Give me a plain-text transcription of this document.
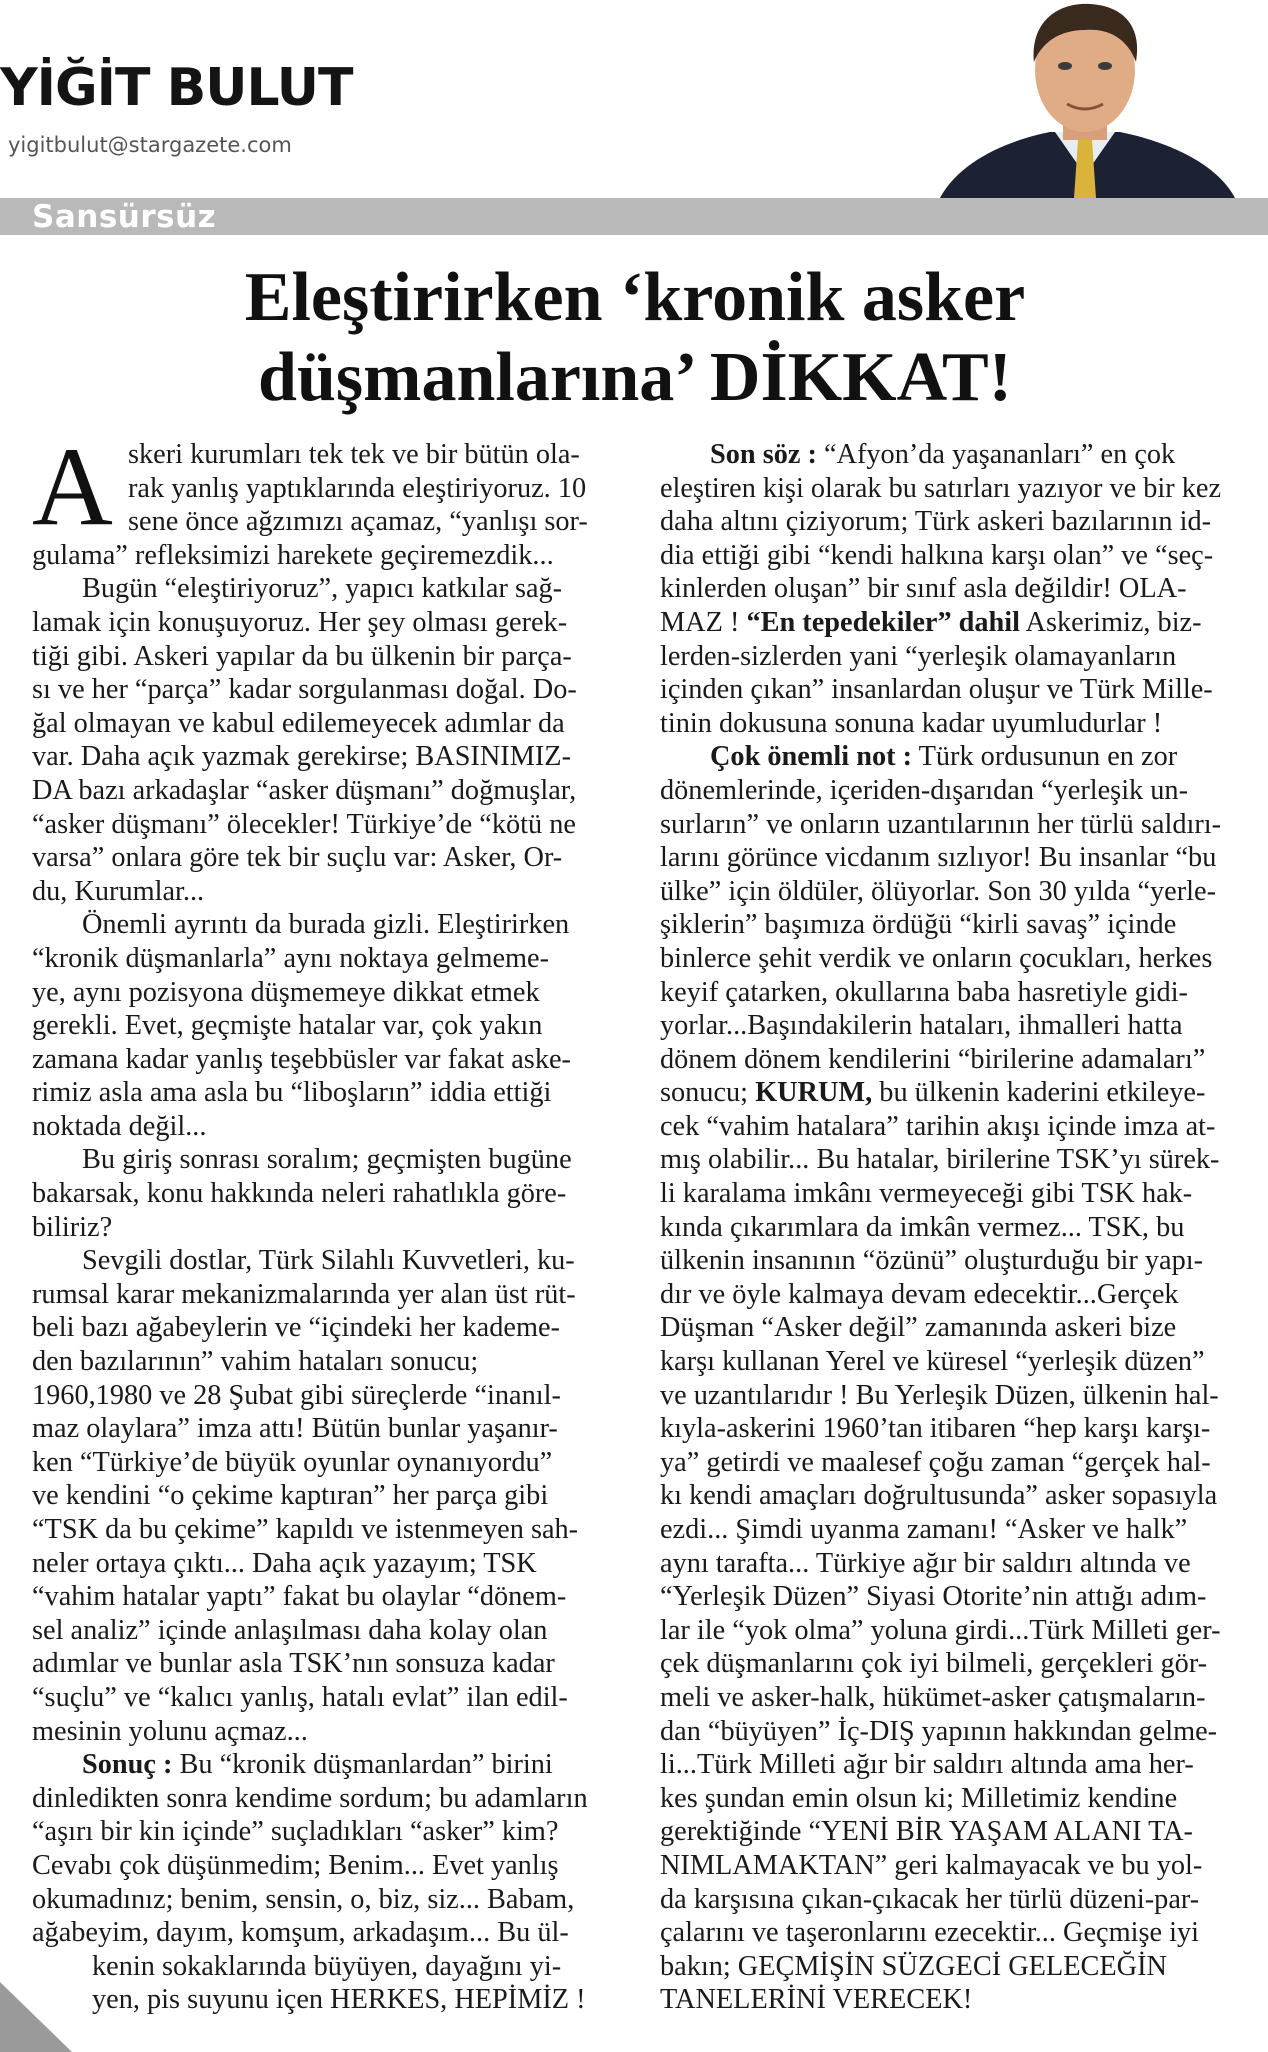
YİĞİT BULUT
yigitbulut@stargazete.com
Sansürsüz
Eleştirirken ‘kronik asker
düşmanlarına’ DİKKAT!
A skeri kurumları tek tek ve bir bütün ola-
rak yanlış yaptıklarında eleştiriyoruz. 10
sene önce ağzımızı açamaz, “yanlışı sor-
gulama” refleksimizi harekete geçiremezdik...
Bugün “eleştiriyoruz”, yapıcı katkılar sağ-
lamak için konuşuyoruz. Her şey olması gerek-
tiği gibi. Askeri yapılar da bu ülkenin bir parça-
sı ve her “parça” kadar sorgulanması doğal. Do-
ğal olmayan ve kabul edilemeyecek adımlar da
var. Daha açık yazmak gerekirse; BASINIMIZ-
DA bazı arkadaşlar “asker düşmanı” doğmuşlar,
“asker düşmanı” ölecekler! Türkiye’de “kötü ne
varsa” onlara göre tek bir suçlu var: Asker, Or-
du, Kurumlar...
Önemli ayrıntı da burada gizli. Eleştirirken
“kronik düşmanlarla” aynı noktaya gelmeme-
ye, aynı pozisyona düşmemeye dikkat etmek
gerekli. Evet, geçmişte hatalar var, çok yakın
zamana kadar yanlış teşebbüsler var fakat aske-
rimiz asla ama asla bu “liboşların” iddia ettiği
noktada değil...
Bu giriş sonrası soralım; geçmişten bugüne
bakarsak, konu hakkında neleri rahatlıkla göre-
biliriz?
Sevgili dostlar, Türk Silahlı Kuvvetleri, ku-
rumsal karar mekanizmalarında yer alan üst rüt-
beli bazı ağabeylerin ve “içindeki her kademe-
den bazılarının” vahim hataları sonucu;
1960,1980 ve 28 Şubat gibi süreçlerde “inanıl-
maz olaylara” imza attı! Bütün bunlar yaşanır-
ken “Türkiye’de büyük oyunlar oynanıyordu”
ve kendini “o çekime kaptıran” her parça gibi
“TSK da bu çekime” kapıldı ve istenmeyen sah-
neler ortaya çıktı... Daha açık yazayım; TSK
“vahim hatalar yaptı” fakat bu olaylar “dönem-
sel analiz” içinde anlaşılması daha kolay olan
adımlar ve bunlar asla TSK’nın sonsuza kadar
“suçlu” ve “kalıcı yanlış, hatalı evlat” ilan edil-
mesinin yolunu açmaz...
Sonuç : Bu “kronik düşmanlardan” birini
dinledikten sonra kendime sordum; bu adamların
“aşırı bir kin içinde” suçladıkları “asker” kim?
Cevabı çok düşünmedim; Benim... Evet yanlış
okumadınız; benim, sensin, o, biz, siz... Babam,
ağabeyim, dayım, komşum, arkadaşım... Bu ül-
kenin sokaklarında büyüyen, dayağını yi-
yen, pis suyunu içen HERKES, HEPİMİZ !
Son söz : “Afyon’da yaşananları” en çok
eleştiren kişi olarak bu satırları yazıyor ve bir kez
daha altını çiziyorum; Türk askeri bazılarının id-
dia ettiği gibi “kendi halkına karşı olan” ve “seç-
kinlerden oluşan” bir sınıf asla değildir! OLA-
MAZ ! “En tepedekiler” dahil Askerimiz, biz-
lerden-sizlerden yani “yerleşik olamayanların
içinden çıkan” insanlardan oluşur ve Türk Mille-
tinin dokusuna sonuna kadar uyumludurlar !
Çok önemli not : Türk ordusunun en zor
dönemlerinde, içeriden-dışarıdan “yerleşik un-
surların” ve onların uzantılarının her türlü saldırı-
larını görünce vicdanım sızlıyor! Bu insanlar “bu
ülke” için öldüler, ölüyorlar. Son 30 yılda “yerle-
şiklerin” başımıza ördüğü “kirli savaş” içinde
binlerce şehit verdik ve onların çocukları, herkes
keyif çatarken, okullarına baba hasretiyle gidi-
yorlar...Başındakilerin hataları, ihmalleri hatta
dönem dönem kendilerini “birilerine adamaları”
sonucu; KURUM, bu ülkenin kaderini etkileye-
cek “vahim hatalara” tarihin akışı içinde imza at-
mış olabilir... Bu hatalar, birilerine TSK’yı sürek-
li karalama imkânı vermeyeceği gibi TSK hak-
kında çıkarımlara da imkân vermez... TSK, bu
ülkenin insanının “özünü” oluşturduğu bir yapı-
dır ve öyle kalmaya devam edecektir...Gerçek
Düşman “Asker değil” zamanında askeri bize
karşı kullanan Yerel ve küresel “yerleşik düzen”
ve uzantılarıdır ! Bu Yerleşik Düzen, ülkenin hal-
kıyla-askerini 1960’tan itibaren “hep karşı karşı-
ya” getirdi ve maalesef çoğu zaman “gerçek hal-
kı kendi amaçları doğrultusunda” asker sopasıyla
ezdi... Şimdi uyanma zamanı! “Asker ve halk”
aynı tarafta... Türkiye ağır bir saldırı altında ve
“Yerleşik Düzen” Siyasi Otorite’nin attığı adım-
lar ile “yok olma” yoluna girdi...Türk Milleti ger-
çek düşmanlarını çok iyi bilmeli, gerçekleri gör-
meli ve asker-halk, hükümet-asker çatışmaların-
dan “büyüyen” İç-DIŞ yapının hakkından gelme-
li...Türk Milleti ağır bir saldırı altında ama her-
kes şundan emin olsun ki; Milletimiz kendine
gerektiğinde “YENİ BİR YAŞAM ALANI TA-
NIMLAMAKTAN” geri kalmayacak ve bu yol-
da karşısına çıkan-çıkacak her türlü düzeni-par-
çalarını ve taşeronlarını ezecektir... Geçmişe iyi
bakın; GEÇMİŞİN SÜZGECİ GELECEĞİN
TANELERİNİ VERECEK!
